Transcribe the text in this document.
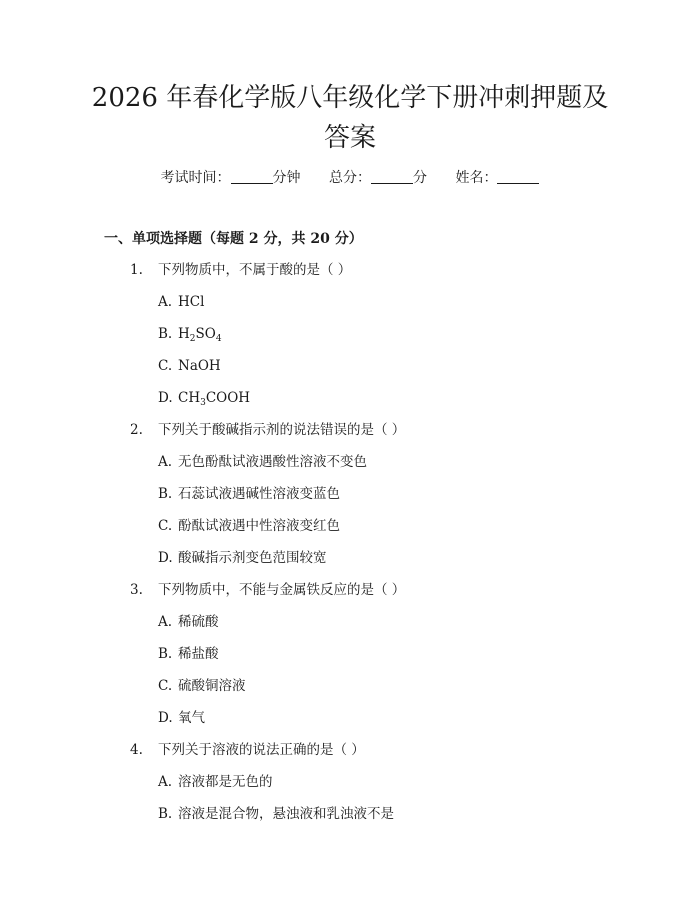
2026 年春化学版八年级化学下册冲刺押题及
答案
考试时间：	分钟 总分：	分 姓名：
一、单项选择题（每题 2 分，共 20 分）
1. 下列物质中，不属于酸的是（ ）
A. HCl
B. $H_2SO_4$
C. NaOH
D. $CH_3COOH$
2. 下列关于酸碱指示剂的说法错误的是（ ）
A. 无色酚酞试液遇酸性溶液不变色
B. 石蕊试液遇碱性溶液变蓝色
C. 酚酞试液遇中性溶液变红色
D. 酸碱指示剂变色范围较宽
3. 下列物质中，不能与金属铁反应的是（ ）
A. 稀硫酸
B. 稀盐酸
C. 硫酸铜溶液
D. 氧气
4. 下列关于溶液的说法正确的是（ ）
A. 溶液都是无色的
B. 溶液是混合物，悬浊液和乳浊液不是
